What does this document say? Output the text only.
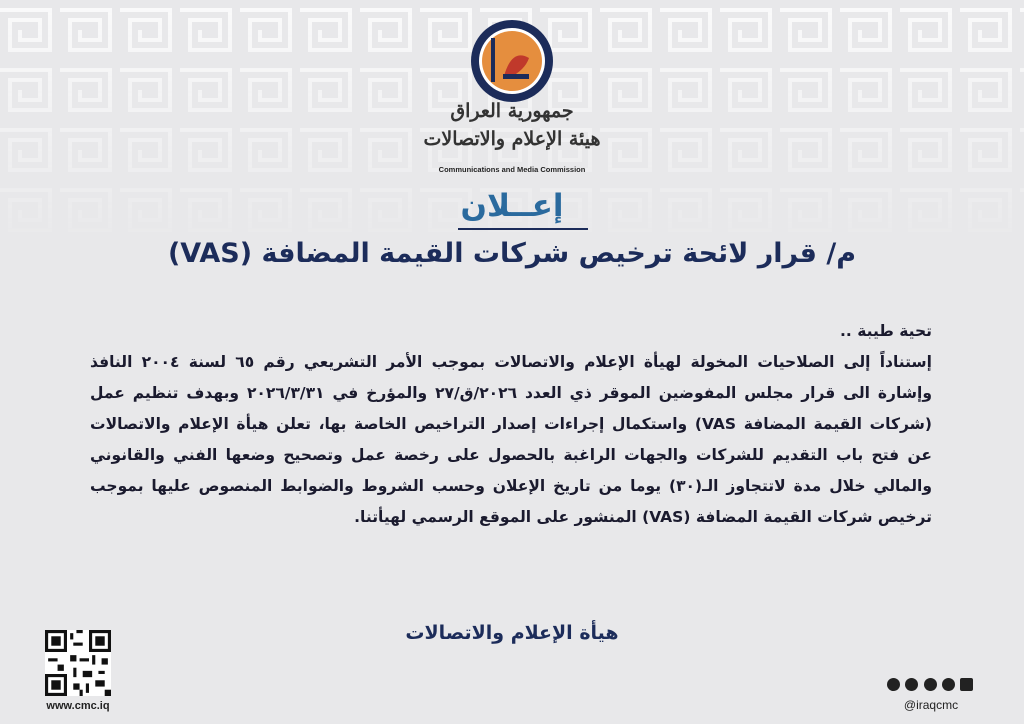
جمهورية العراق
هيئة الإعلام والاتصالات
Communications and Media Commission
إعــلان
م/ قرار لائحة ترخيص شركات القيمة المضافة (VAS)

تحية طيبة ..

إستناداً إلى الصلاحيات المخولة لهيأة الإعلام والاتصالات بموجب الأمر التشريعي رقم ٦٥ لسنة ٢٠٠٤ النافذ وإشارة الى قرار مجلس المفوضين الموقر ذي العدد ٢٠٢٦/ق/٢٧ والمؤرخ في ٢٠٢٦/٣/٣١ وبهدف تنظيم عمل (شركات القيمة المضافة VAS) واستكمال إجراءات إصدار التراخيص الخاصة بها، تعلن هيأة الإعلام والاتصالات عن فتح باب التقديم للشركات والجهات الراغبة بالحصول على رخصة عمل وتصحيح وضعها الفني والقانوني والمالي خلال مدة لاتتجاوز الـ(٣٠) يوما من تاريخ الإعلان وحسب الشروط والضوابط المنصوص عليها بموجب ترخيص شركات القيمة المضافة (VAS) المنشور على الموقع الرسمي لهيأتنا.

هيأة الإعلام والاتصالات
www.cmc.iq	@iraqcmc
